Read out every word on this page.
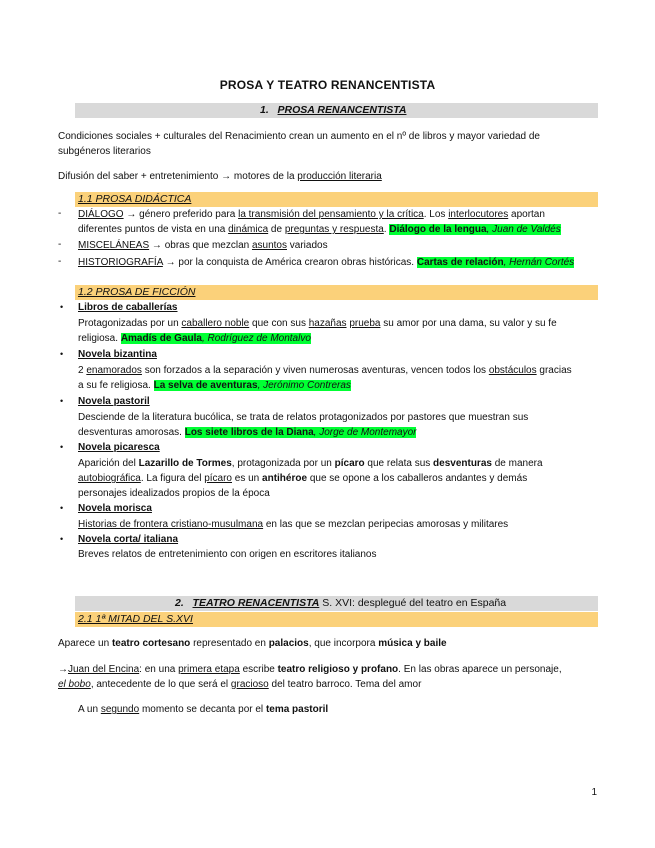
PROSA Y TEATRO RENANCENTISTA
1. PROSA RENANCENTISTA
Condiciones sociales + culturales del Renacimiento crean un aumento en el nº de libros y mayor variedad de
subgéneros literarios
Difusión del saber + entretenimiento → motores de la producción literaria
1.1 PROSA DIDÁCTICA
- DIÁLOGO → género preferido para la transmisión del pensamiento y la crítica. Los interlocutores aportan
diferentes puntos de vista en una dinámica de preguntas y respuesta. Diálogo de la lengua, Juan de Valdés
- MISCELÁNEAS → obras que mezclan asuntos variados
- HISTORIOGRAFÍA → por la conquista de América crearon obras históricas. Cartas de relación, Hernán Cortés
1.2 PROSA DE FICCIÓN
• Libros de caballerías
Protagonizadas por un caballero noble que con sus hazañas prueba su amor por una dama, su valor y su fe
religiosa. Amadís de Gaula, Rodríguez de Montalvo
• Novela bizantina
2 enamorados son forzados a la separación y viven numerosas aventuras, vencen todos los obstáculos gracias
a su fe religiosa. La selva de aventuras, Jerónimo Contreras
• Novela pastoril
Desciende de la literatura bucólica, se trata de relatos protagonizados por pastores que muestran sus
desventuras amorosas. Los siete libros de la Diana, Jorge de Montemayor
• Novela picaresca
Aparición del Lazarillo de Tormes, protagonizada por un pícaro que relata sus desventuras de manera
autobiográfica. La figura del pícaro es un antihéroe que se opone a los caballeros andantes y demás
personajes idealizados propios de la época
• Novela morisca
Historias de frontera cristiano-musulmana en las que se mezclan peripecias amorosas y militares
• Novela corta/ italiana
Breves relatos de entretenimiento con origen en escritores italianos
2. TEATRO RENACENTISTA S. XVI: desplegué del teatro en España
2.1 1ª MITAD DEL S.XVI
Aparece un teatro cortesano representado en palacios, que incorpora música y baile
→Juan del Encina: en una primera etapa escribe teatro religioso y profano. En las obras aparece un personaje,
el bobo, antecedente de lo que será el gracioso del teatro barroco. Tema del amor
A un segundo momento se decanta por el tema pastoril
1
